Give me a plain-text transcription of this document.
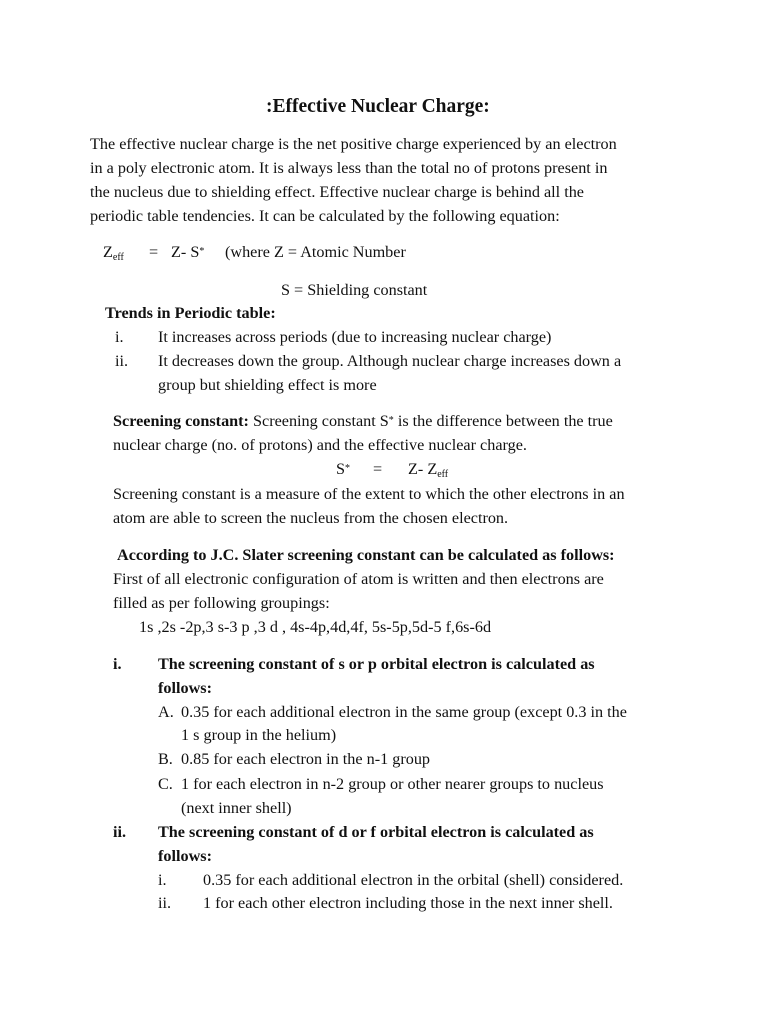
:Effective Nuclear Charge:
The effective nuclear charge is the net positive charge experienced by an electron
in a poly electronic atom. It is always less than the total no of protons present in
the nucleus due to shielding effect. Effective nuclear charge is behind all the
periodic table tendencies. It can be calculated by the following equation:
$Z_{eff} = Z-$ S* (where Z = Atomic Number
S = Shielding constant
Trends in Periodic table:
i. It increases across periods (due to increasing nuclear charge)
ii. It decreases down the group. Although nuclear charge increases down a
group but shielding effect is more
Screening constant: Screening constant S* is the difference between the true
nuclear charge (no. of protons) and the effective nuclear charge.
S* = Z- $Z_{eff}$
Screening constant is a measure of the extent to which the other electrons in an
atom are able to screen the nucleus from the chosen electron.
According to J.C. Slater screening constant can be calculated as follows:
First of all electronic configuration of atom is written and then electrons are
filled as per following groupings:
1s ,2s -2p,3 s-3 p ,3 d , 4s-4p,4d,4f, 5s-5p,5d-5 f,6s-6d
i. The screening constant of s or p orbital electron is calculated as
follows:
A. 0.35 for each additional electron in the same group (except 0.3 in the
1 s group in the helium)
B. 0.85 for each electron in the n-1 group
C. 1 for each electron in n-2 group or other nearer groups to nucleus
(next inner shell)
ii. The screening constant of d or f orbital electron is calculated as
follows:
i. 0.35 for each additional electron in the orbital (shell) considered.
ii. 1 for each other electron including those in the next inner shell.
